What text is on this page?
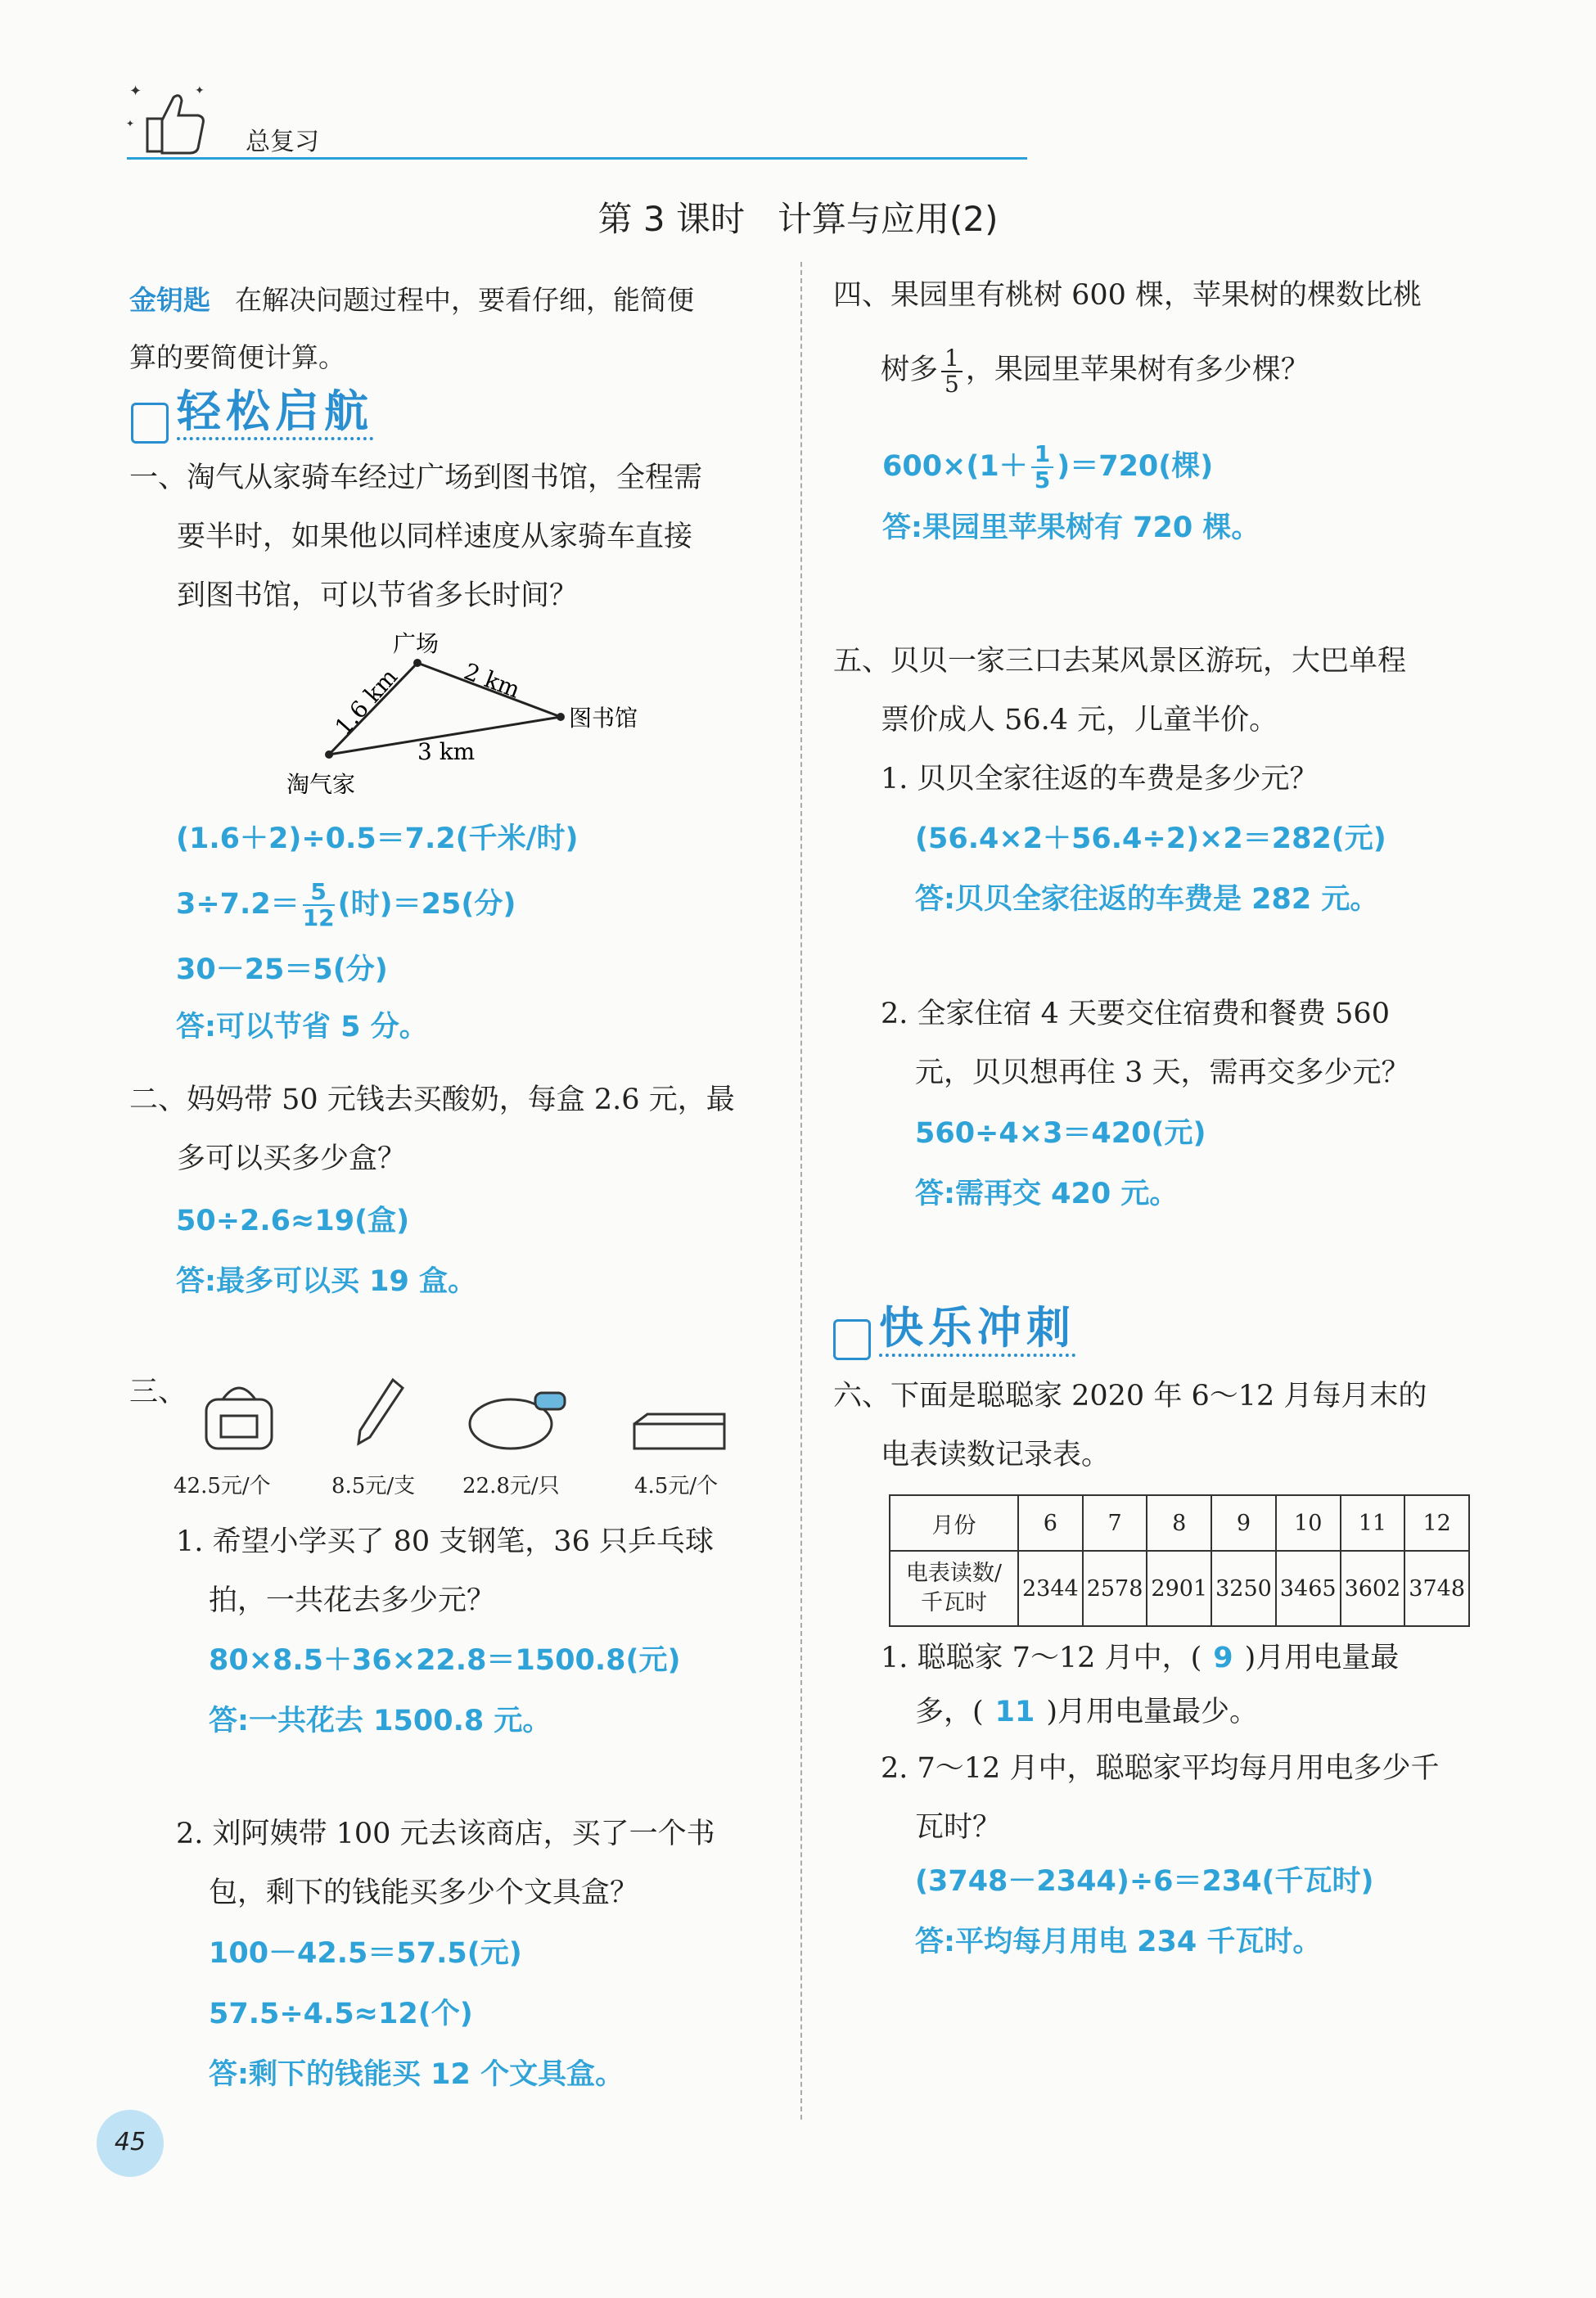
✦	✦
✦
总复习
第 3 课时   计算与应用(2)
金钥匙 在解决问题过程中，要看仔细，能简便
算的要简便计算。
轻松启航
一、淘气从家骑车经过广场到图书馆，全程需
要半时，如果他以同样速度从家骑车直接
到图书馆，可以节省多长时间？
广场
图书馆
淘气家
1.6 km	2 km
3 km
(1.6＋2)÷0.5＝7.2(千米/时)
$3\div 7.2= \frac{5}{12}$ (时)＝25(分)
30－25＝5(分)
答:可以节省 5 分。
二、妈妈带 50 元钱去买酸奶，每盒 2.6 元，最
多可以买多少盒？
50÷2.6≈19(盒)
答:最多可以买 19 盒。
三、
42.5元/个	8.5元/支 22.8元/只	4.5元/个
1. 希望小学买了 80 支钢笔，36 只乒乓球
拍，一共花去多少元？
80×8.5＋36×22.8＝1500.8(元)
答:一共花去 1500.8 元。
2. 刘阿姨带 100 元去该商店，买了一个书
包，剩下的钱能买多少个文具盒？
100－42.5＝57.5(元)
57.5÷4.5≈12(个)
答:剩下的钱能买 12 个文具盒。
四、果园里有桃树 600 棵，苹果树的棵数比桃
树多 $\frac{1}{5}$ ，果园里苹果树有多少棵？
$600\times(1+ \frac{1}{5} )=720$(棵)
答:果园里苹果树有 720 棵。
五、贝贝一家三口去某风景区游玩，大巴单程
票价成人 56.4 元，儿童半价。
1. 贝贝全家往返的车费是多少元？
(56.4×2＋56.4÷2)×2＝282(元)
答:贝贝全家往返的车费是 282 元。
2. 全家住宿 4 天要交住宿费和餐费 560
元，贝贝想再住 3 天，需再交多少元？
560÷4×3＝420(元)
答:需再交 420 元。
快乐冲刺
六、下面是聪聪家 2020 年 6～12 月每月末的
电表读数记录表。
月份	6	7	8	9	10	11	12
电表读数/
千瓦时	2344	2578	2901	3250	3465	3602	3748
1. 聪聪家 7～12 月中，( 9 )月用电量最
多，( 11 )月用电量最少。
2. 7～12 月中，聪聪家平均每月用电多少千
瓦时？
(3748－2344)÷6＝234(千瓦时)
答:平均每月用电 234 千瓦时。
45
